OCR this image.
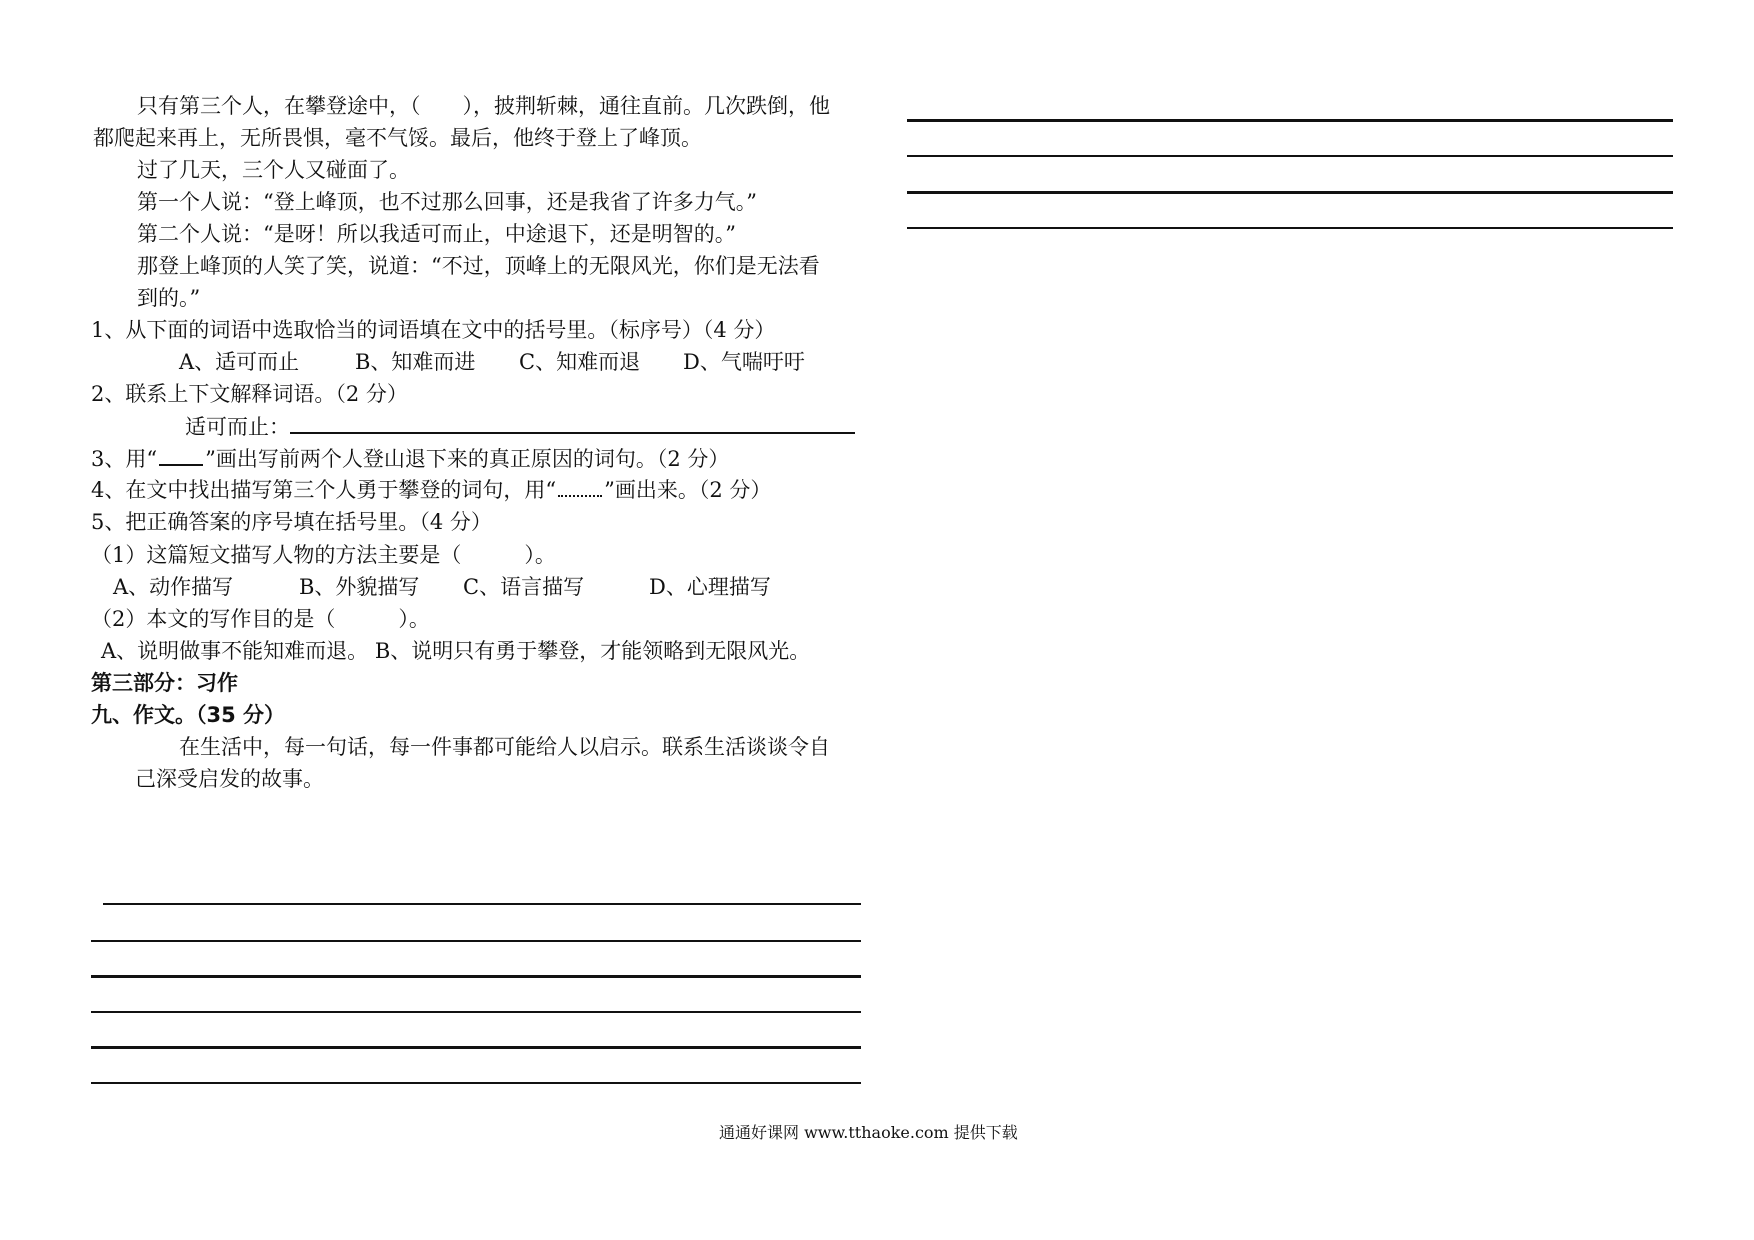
只有第三个人，在攀登途中，（　　），披荆斩棘，通往直前。几次跌倒，他
都爬起来再上，无所畏惧，毫不气馁。最后，他终于登上了峰顶。
过了几天，三个人又碰面了。
第一个人说：“登上峰顶，也不过那么回事，还是我省了许多力气。”
第二个人说：“是呀！所以我适可而止，中途退下，还是明智的。”
那登上峰顶的人笑了笑，说道：“不过，顶峰上的无限风光，你们是无法看
到的。”
1、从下面的词语中选取恰当的词语填在文中的括号里。（标序号）（4 分）
A、适可而止	B、知难而进 C、知难而退 D、气喘吁吁
2、联系上下文解释词语。（2 分）
适可而止：
3、用“ ”画出写前两个人登山退下来的真正原因的词句。（2 分）
4、在文中找出描写第三个人勇于攀登的词句，用“ ”画出来。（2 分）
5、把正确答案的序号填在括号里。（4 分）
（1）这篇短文描写人物的方法主要是（　　　）。
A、动作描写	B、外貌描写 C、语言描写	D、心理描写
（2）本文的写作目的是（　　　）。
A、说明做事不能知难而退。 B、说明只有勇于攀登，才能领略到无限风光。
第三部分：习作
九、作文。（35 分）
在生活中，每一句话，每一件事都可能给人以启示。联系生活谈谈令自
己深受启发的故事。
通通好课网 www.tthaoke.com 提供下载
